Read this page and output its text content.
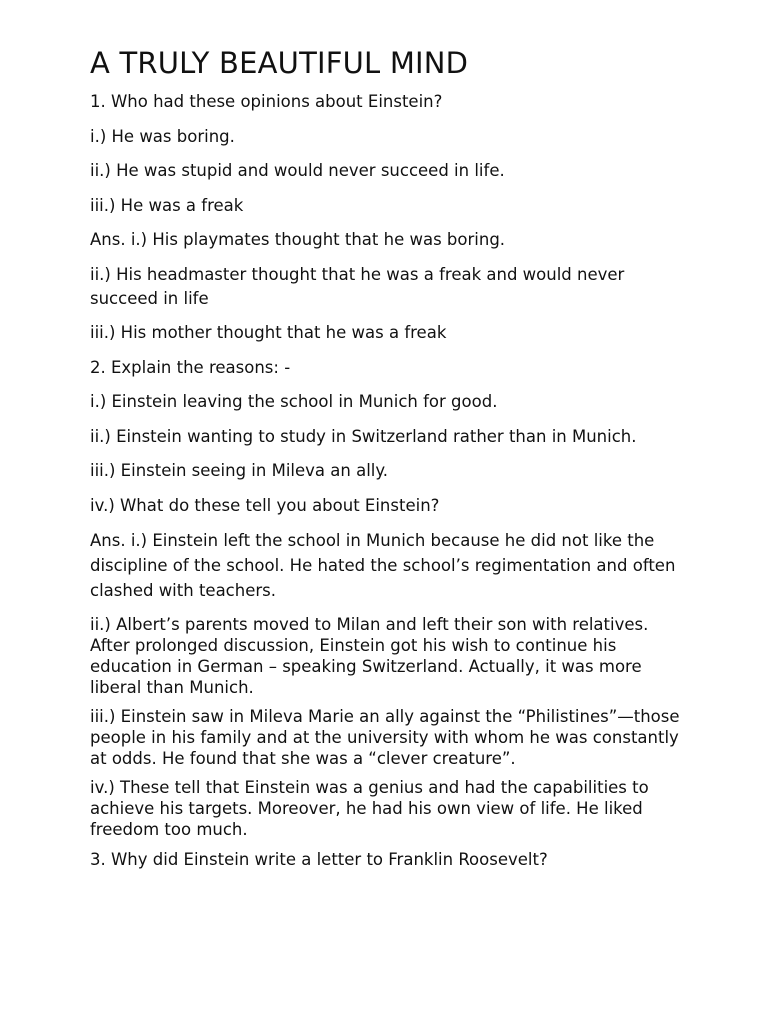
A TRULY BEAUTIFUL MIND

1. Who had these opinions about Einstein?

i.) He was boring.

ii.) He was stupid and would never succeed in life.

iii.) He was a freak

Ans. i.) His playmates thought that he was boring.

ii.) His headmaster thought that he was a freak and would never succeed in life

iii.) His mother thought that he was a freak

2. Explain the reasons: -

i.) Einstein leaving the school in Munich for good.

ii.) Einstein wanting to study in Switzerland rather than in Munich.

iii.) Einstein seeing in Mileva an ally.

iv.) What do these tell you about Einstein?

Ans. i.) Einstein left the school in Munich because he did not like the discipline of the school. He hated the school’s regimentation and often clashed with teachers.

ii.) Albert’s parents moved to Milan and left their son with relatives. After prolonged discussion, Einstein got his wish to continue his education in German – speaking Switzerland. Actually, it was more liberal than Munich.

iii.) Einstein saw in Mileva Marie an ally against the “Philistines”—those people in his family and at the university with whom he was constantly at odds. He found that she was a “clever creature”.

iv.) These tell that Einstein was a genius and had the capabilities to achieve his targets. Moreover, he had his own view of life. He liked freedom too much.

3. Why did Einstein write a letter to Franklin Roosevelt?
